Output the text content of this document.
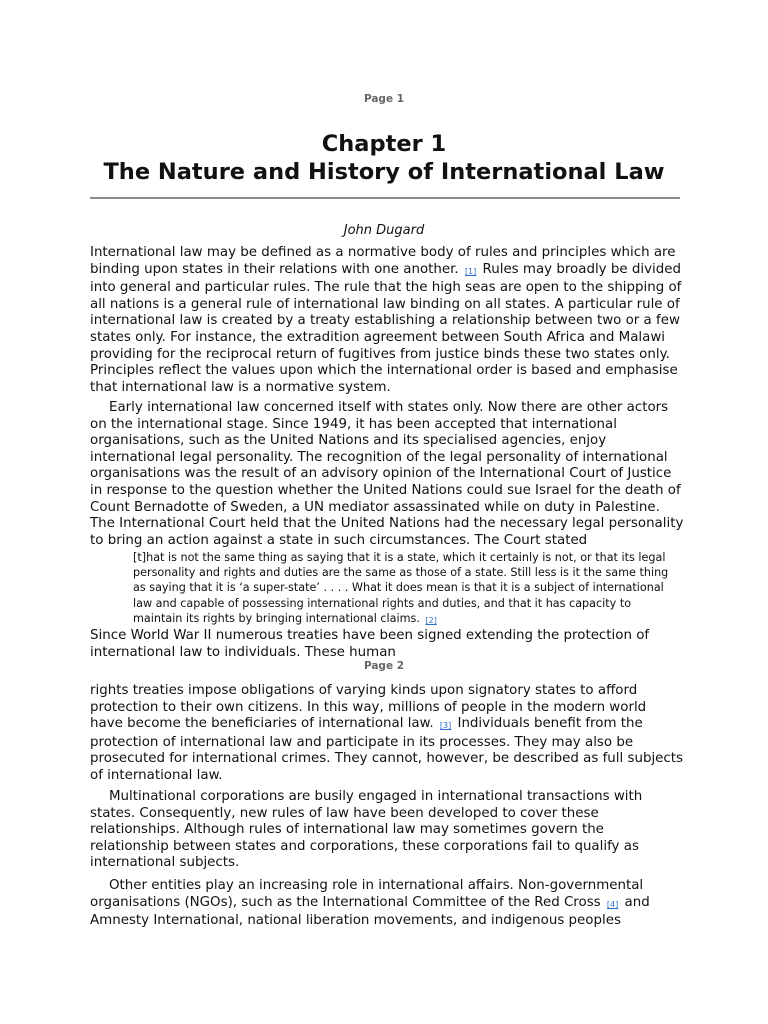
Page 1
Chapter 1
The Nature and History of International Law
John Dugard

International law may be defined as a normative body of rules and principles which are
binding upon states in their relations with one another. [1] Rules may broadly be divided
into general and particular rules. The rule that the high seas are open to the shipping of
all nations is a general rule of international law binding on all states. A particular rule of
international law is created by a treaty establishing a relationship between two or a few
states only. For instance, the extradition agreement between South Africa and Malawi
providing for the reciprocal return of fugitives from justice binds these two states only.
Principles reflect the values upon which the international order is based and emphasise
that international law is a normative system.

Early international law concerned itself with states only. Now there are other actors
on the international stage. Since 1949, it has been accepted that international
organisations, such as the United Nations and its specialised agencies, enjoy
international legal personality. The recognition of the legal personality of international
organisations was the result of an advisory opinion of the International Court of Justice
in response to the question whether the United Nations could sue Israel for the death of
Count Bernadotte of Sweden, a UN mediator assassinated while on duty in Palestine.
The International Court held that the United Nations had the necessary legal personality
to bring an action against a state in such circumstances. The Court stated

[t]hat is not the same thing as saying that it is a state, which it certainly is not, or that its legal
personality and rights and duties are the same as those of a state. Still less is it the same thing
as saying that it is ‘a super-state’ . . . . What it does mean is that it is a subject of international
law and capable of possessing international rights and duties, and that it has capacity to
maintain its rights by bringing international claims. [2]

Since World War II numerous treaties have been signed extending the protection of
international law to individuals. These human

Page 2

rights treaties impose obligations of varying kinds upon signatory states to afford
protection to their own citizens. In this way, millions of people in the modern world
have become the beneficiaries of international law. [3] Individuals benefit from the
protection of international law and participate in its processes. They may also be
prosecuted for international crimes. They cannot, however, be described as full subjects
of international law.

Multinational corporations are busily engaged in international transactions with
states. Consequently, new rules of law have been developed to cover these
relationships. Although rules of international law may sometimes govern the
relationship between states and corporations, these corporations fail to qualify as
international subjects.

Other entities play an increasing role in international affairs. Non-governmental
organisations (NGOs), such as the International Committee of the Red Cross [4] and
Amnesty International, national liberation movements, and indigenous peoples
